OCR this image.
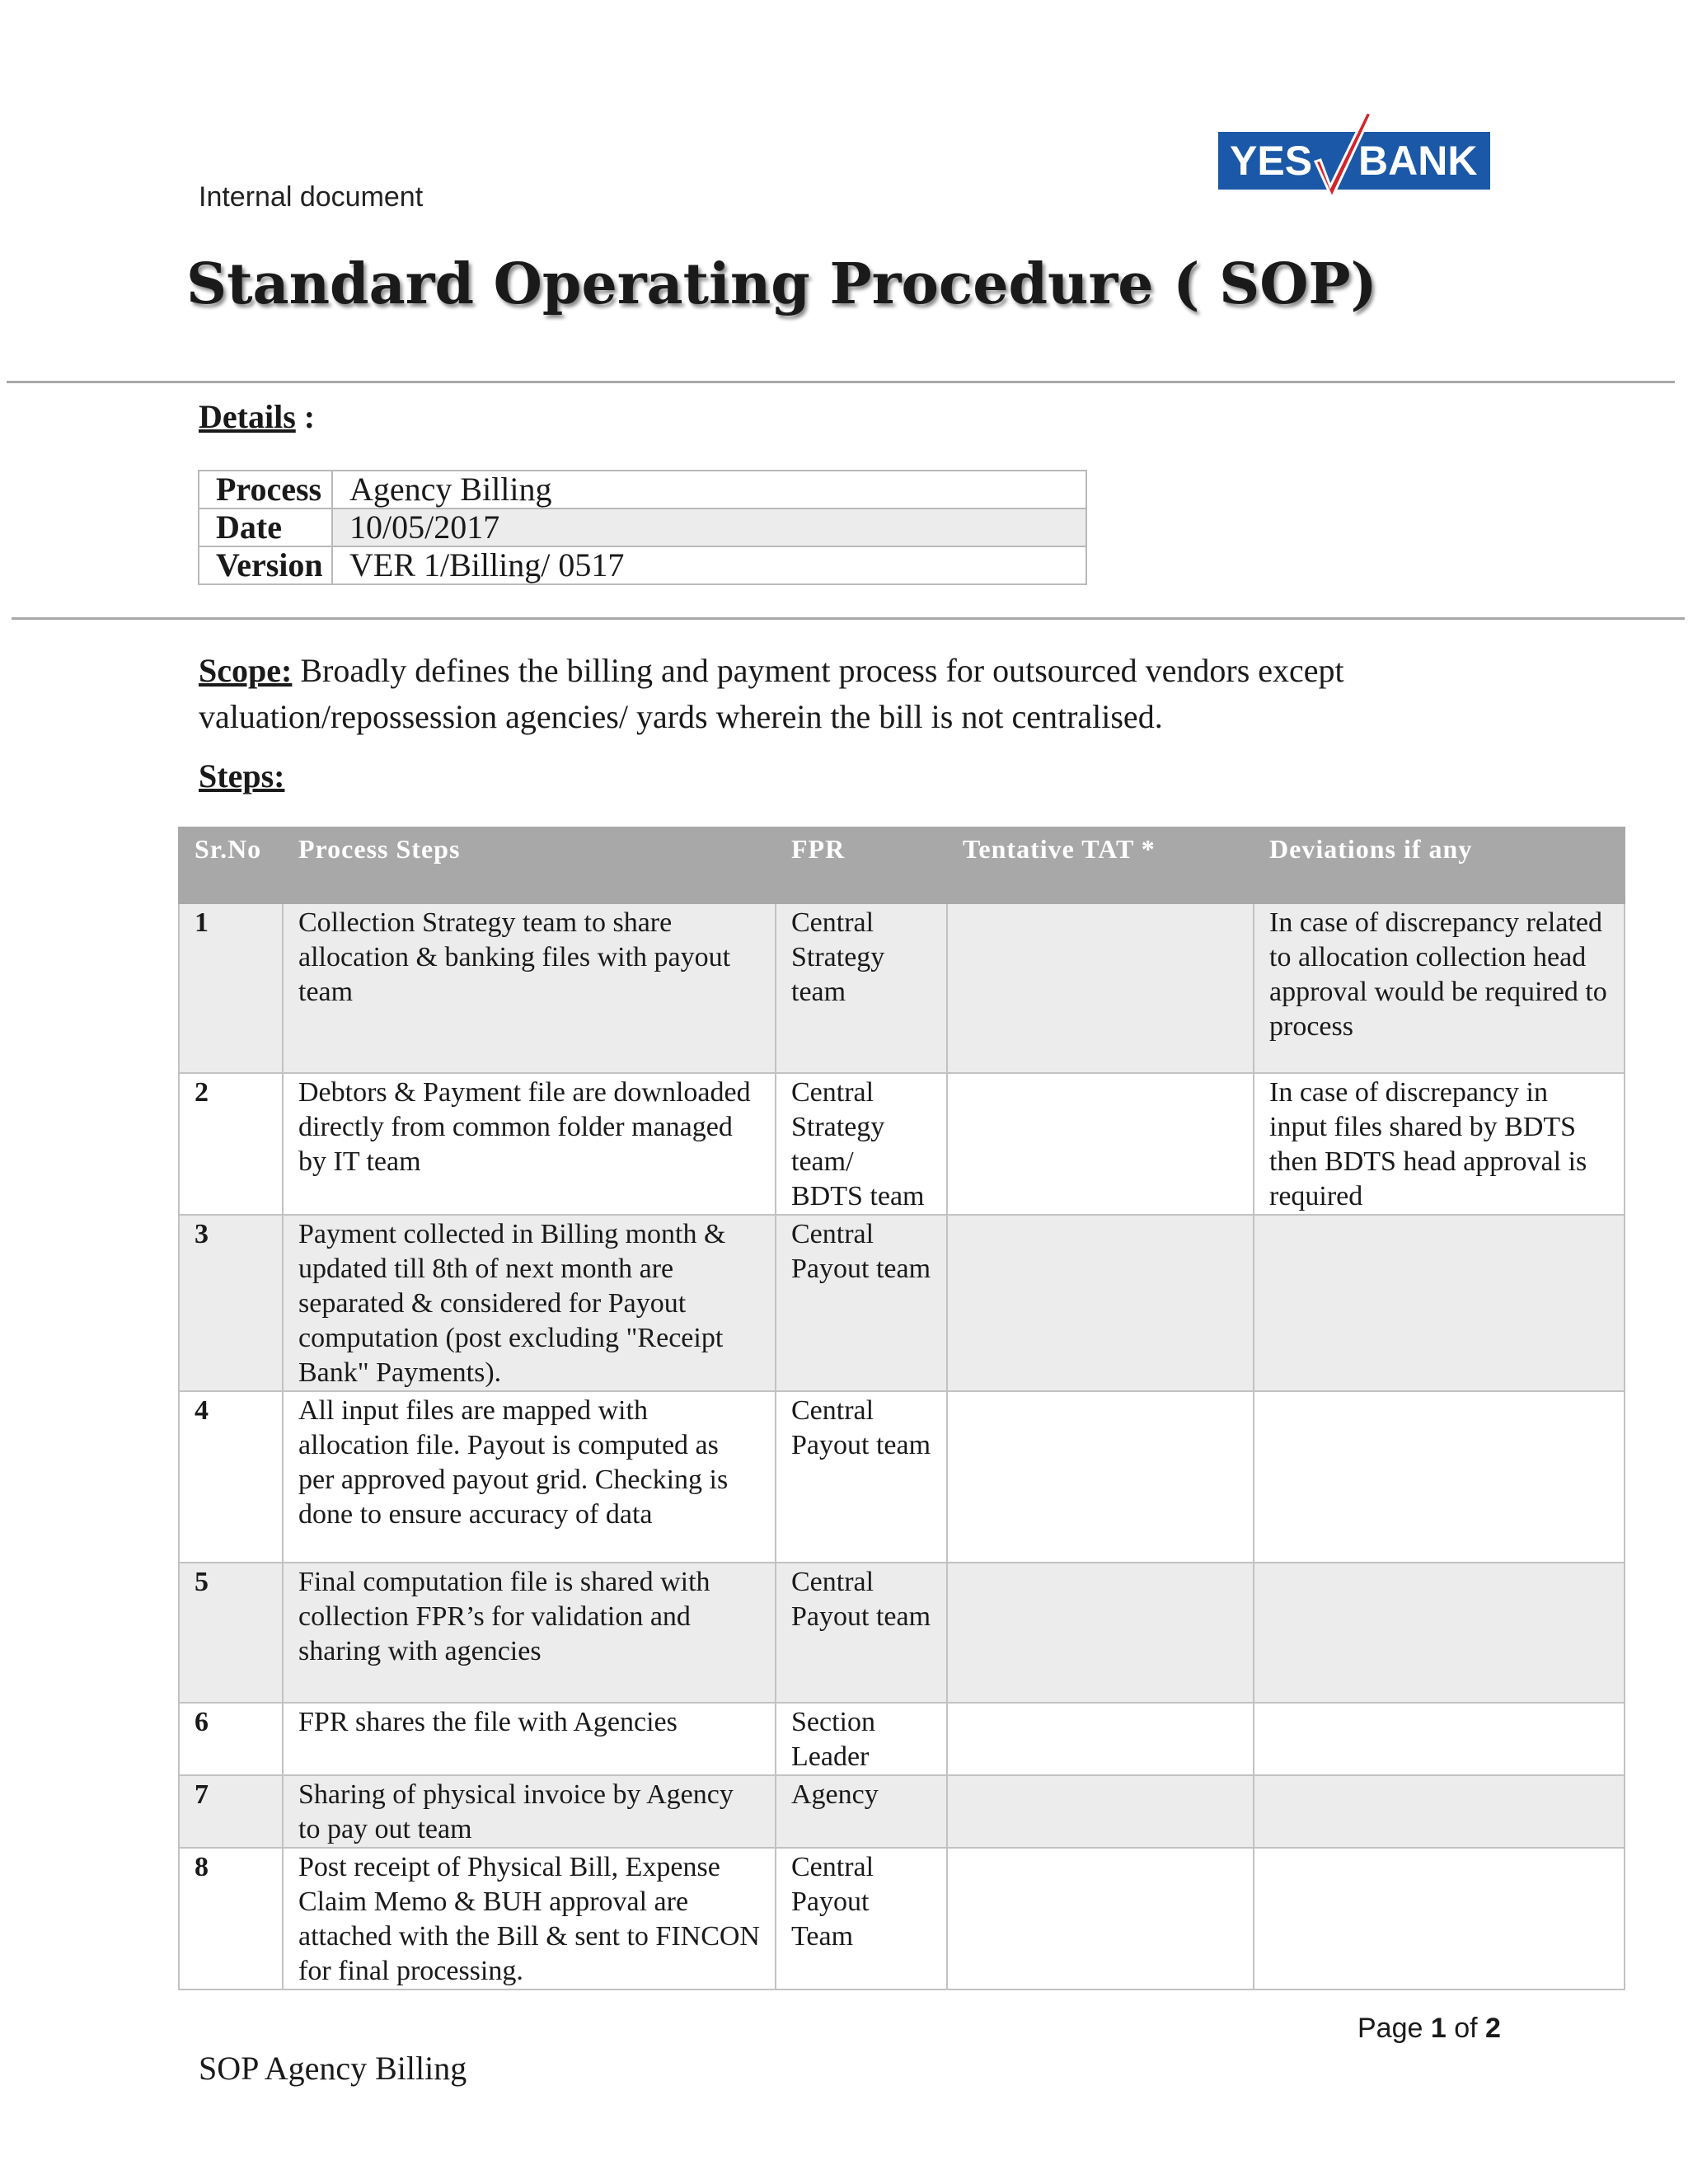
Internal document
YES BANK
Standard Operating Procedure ( SOP)
Details :
Process	Agency Billing
Date	10/05/2017
Version	VER 1/Billing/ 0517
Scope: Broadly defines the billing and payment process for outsourced vendors except valuation/repossession agencies/ yards wherein the bill is not centralised.
Steps:
Sr.No	Process Steps	FPR	Tentative TAT *	Deviations if any
1	Collection Strategy team to share allocation & banking files with payout team	Central Strategy team		In case of discrepancy related to allocation collection head approval would be required to process
2	Debtors & Payment file are downloaded directly from common folder managed by IT team	Central Strategy team/ BDTS team		In case of discrepancy in input files shared by BDTS then BDTS head approval is required
3	Payment collected in Billing month & updated till 8th of next month are separated & considered for Payout computation (post excluding "Receipt Bank" Payments).	Central Payout team		
4	All input files are mapped with allocation file. Payout is computed as per approved payout grid. Checking is done to ensure accuracy of data	Central Payout team		
5	Final computation file is shared with collection FPR’s for validation and sharing with agencies	Central Payout team		
6	FPR shares the file with Agencies	Section Leader		
7	Sharing of physical invoice by Agency to pay out team	Agency		
8	Post receipt of Physical Bill, Expense Claim Memo & BUH approval are attached with the Bill & sent to FINCON for final processing.	Central Payout Team		
Page 1 of 2
SOP Agency Billing
